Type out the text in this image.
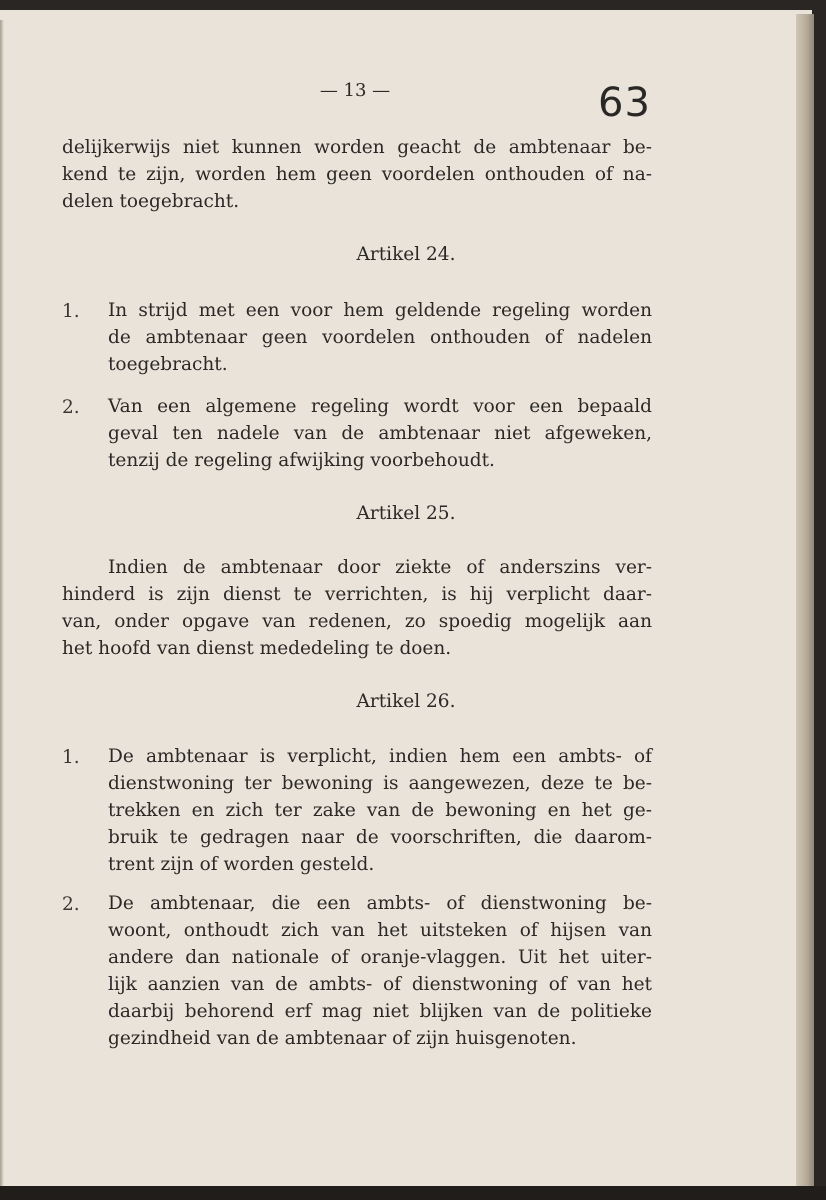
— 13 —	63
delijkerwijs niet kunnen worden geacht de ambtenaar be-
kend te zijn, worden hem geen voordelen onthouden of na-
delen toegebracht.
Artikel 24.
1. In strijd met een voor hem geldende regeling worden
de ambtenaar geen voordelen onthouden of nadelen
toegebracht.
2. Van een algemene regeling wordt voor een bepaald
geval ten nadele van de ambtenaar niet afgeweken,
tenzij de regeling afwijking voorbehoudt.
Artikel 25.
Indien de ambtenaar door ziekte of anderszins ver-
hinderd is zijn dienst te verrichten, is hij verplicht daar-
van, onder opgave van redenen, zo spoedig mogelijk aan
het hoofd van dienst mededeling te doen.
Artikel 26.
1. De ambtenaar is verplicht, indien hem een ambts- of
dienstwoning ter bewoning is aangewezen, deze te be-
trekken en zich ter zake van de bewoning en het ge-
bruik te gedragen naar de voorschriften, die daarom-
trent zijn of worden gesteld.
2. De ambtenaar, die een ambts- of dienstwoning be-
woont, onthoudt zich van het uitsteken of hijsen van
andere dan nationale of oranje-vlaggen. Uit het uiter-
lijk aanzien van de ambts- of dienstwoning of van het
daarbij behorend erf mag niet blijken van de politieke
gezindheid van de ambtenaar of zijn huisgenoten.
